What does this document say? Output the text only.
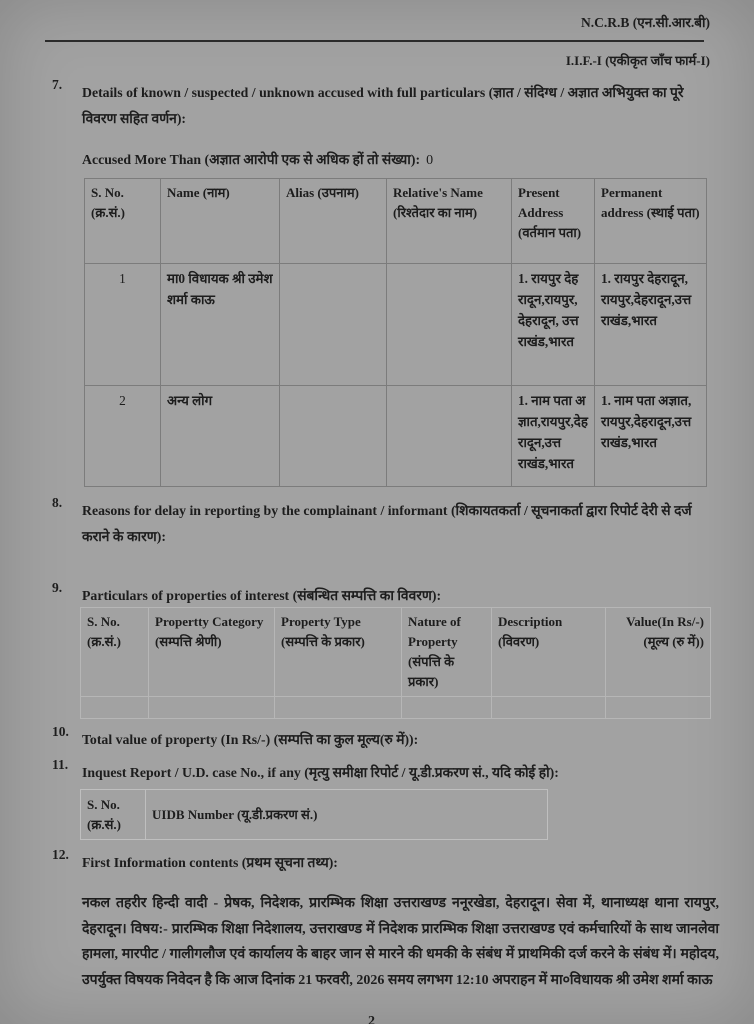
N.C.R.B (एन.सी.आर.बी)
I.I.F.-I (एकीकृत जाँच फार्म-I)
7.
Details of known / suspected / unknown accused with full particulars (ज्ञात / संदिग्ध / अज्ञात अभियुक्त का पूरे विवरण सहित वर्णन):
Accused More Than (अज्ञात आरोपी एक से अधिक हों तो संख्या): 0
S. No. (क्र.सं.)	Name (नाम)	Alias (उपनाम)	Relative's Name (रिश्तेदार का नाम)	Present Address (वर्तमान पता)	Permanent address (स्थाई पता)
1	मा0 विधायक श्री उमेश शर्मा काऊ			1. रायपुर देहरादून,रायपुर,देहरादून, उत्तराखंड,भारत	1. रायपुर देहरादून,रायपुर,देहरादून,उत्तराखंड,भारत
2	अन्य लोग			1. नाम पता अज्ञात,रायपुर,देहरादून,उत्तराखंड,भारत	1. नाम पता अज्ञात,रायपुर,देहरादून,उत्तराखंड,भारत
8.
Reasons for delay in reporting by the complainant / informant (शिकायतकर्ता / सूचनाकर्ता द्वारा रिपोर्ट देरी से दर्ज कराने के कारण):
9.
Particulars of properties of interest (संबन्धित सम्पत्ति का विवरण):
S. No. (क्र.सं.)	Propertty Category (सम्पत्ति श्रेणी)	Property Type (सम्पत्ति के प्रकार)	Nature of Property (संपत्ति के प्रकार)	Description (विवरण)	Value(In Rs/-) (मूल्य (रु में))

10.
Total value of property (In Rs/-) (सम्पत्ति का कुल मूल्य(रु में)):
11.
Inquest Report / U.D. case No., if any (मृत्यु समीक्षा रिपोर्ट / यू.डी.प्रकरण सं., यदि कोई हो):
S. No. (क्र.सं.)	UIDB Number (यू.डी.प्रकरण सं.)
12.
First Information contents (प्रथम सूचना तथ्य):
नकल तहरीर हिन्दी वादी - प्रेषक, निदेशक, प्रारम्भिक शिक्षा उत्तराखण्ड ननूरखेडा, देहरादून। सेवा में, थानाध्यक्ष थाना रायपुर, देहरादून। विषय:- प्रारम्भिक शिक्षा निदेशालय, उत्तराखण्ड में निदेशक प्रारम्भिक शिक्षा उत्तराखण्ड एवं कर्मचारियों के साथ जानलेवा हामला, मारपीट / गालीगलौज एवं कार्यालय के बाहर जान से मारने की धमकी के संबंध में प्राथमिकी दर्ज करने के संबंध में। महोदय, उपर्युक्त विषयक निवेदन है कि आज दिनांक 21 फरवरी, 2026 समय लगभग 12:10 अपराहन में मा०विधायक श्री उमेश शर्मा काऊ
2
